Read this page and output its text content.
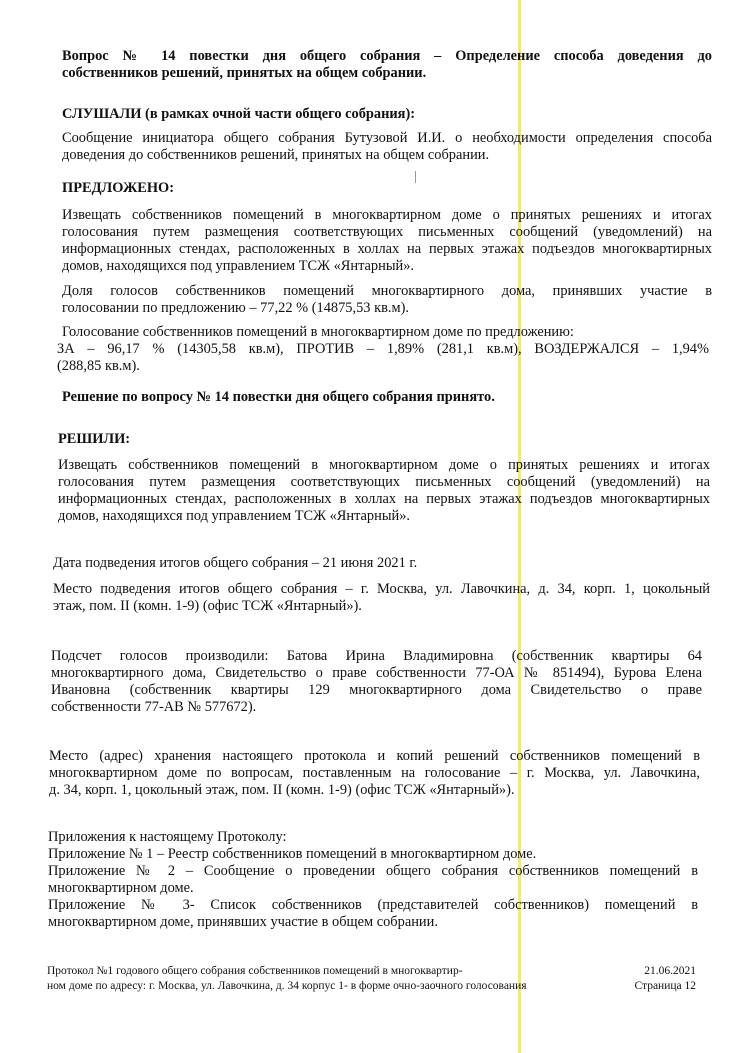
Вопрос № 14 повестки дня общего собрания – Определение способа доведения до
собственников решений, принятых на общем собрании.
СЛУШАЛИ (в рамках очной части общего собрания):
Сообщение инициатора общего собрания Бутузовой И.И. о необходимости определения способа
доведения до собственников решений, принятых на общем собрании.
ПРЕДЛОЖЕНО:
Извещать собственников помещений в многоквартирном доме о принятых решениях и итогах
голосования путем размещения соответствующих письменных сообщений (уведомлений) на
информационных стендах, расположенных в холлах на первых этажах подъездов многоквартирных
домов, находящихся под управлением ТСЖ «Янтарный».
Доля голосов собственников помещений многоквартирного дома, принявших участие в
голосовании по предложению – 77,22 % (14875,53 кв.м).
Голосование собственников помещений в многоквартирном доме по предложению:
ЗА – 96,17 % (14305,58 кв.м), ПРОТИВ – 1,89% (281,1 кв.м), ВОЗДЕРЖАЛСЯ – 1,94%
(288,85 кв.м).
Решение по вопросу № 14 повестки дня общего собрания принято.
РЕШИЛИ:
Извещать собственников помещений в многоквартирном доме о принятых решениях и итогах
голосования путем размещения соответствующих письменных сообщений (уведомлений) на
информационных стендах, расположенных в холлах на первых этажах подъездов многоквартирных
домов, находящихся под управлением ТСЖ «Янтарный».
Дата подведения итогов общего собрания – 21 июня 2021 г.
Место подведения итогов общего собрания – г. Москва, ул. Лавочкина, д. 34, корп. 1, цокольный
этаж, пом. II (комн. 1-9) (офис ТСЖ «Янтарный»).
Подсчет голосов производили: Батова Ирина Владимировна (собственник квартиры 64
многоквартирного дома, Свидетельство о праве собственности 77-ОА № 851494), Бурова Елена
Ивановна (собственник квартиры 129 многоквартирного дома Свидетельство о праве
собственности 77-АВ № 577672).
Место (адрес) хранения настоящего протокола и копий решений собственников помещений в
многоквартирном доме по вопросам, поставленным на голосование – г. Москва, ул. Лавочкина,
д. 34, корп. 1, цокольный этаж, пом. II (комн. 1-9) (офис ТСЖ «Янтарный»).
Приложения к настоящему Протоколу:
Приложение № 1 – Реестр собственников помещений в многоквартирном доме.
Приложение № 2 – Сообщение о проведении общего собрания собственников помещений в
многоквартирном доме.
Приложение № 3- Список собственников (представителей собственников) помещений в
многоквартирном доме, принявших участие в общем собрании.
Протокол №1 годового общего собрания собственников помещений в многоквартир-
ном доме по адресу: г. Москва, ул. Лавочкина, д. 34 корпус 1- в форме очно-заочного голосования
21.06.2021
Страница 12
